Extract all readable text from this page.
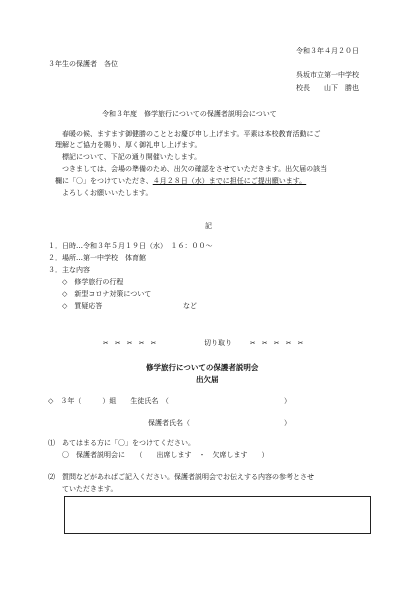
令和３年４月２０日
３年生の保護者　各位
呉坂市立第一中学校
校長　　山下　勝也
令和３年度　修学旅行についての保護者説明会について
春暖の候、ますます御健勝のこととお慶び申し上げます。平素は本校教育活動にご
理解とご協力を賜り、厚く御礼申し上げます。
標記について、下記の通り開催いたします。
つきましては、会場の準備のため、出欠の確認をさせていただきます。出欠届の該当
欄に「〇」をつけていただき、４月２８日（水）までに担任にご提出願います。
よろしくお願いいたします。
記
１．日時…令和３年５月１９日（水）　１６：００～
２．場所…第一中学校　体育館
３．主な内容
◇　修学旅行の行程
◇　新型コロナ対策について
◇　質疑応答	など
✂　✂　✂　✂　✂	切り取り	✂　✂　✂　✂　✂
修学旅行についての保護者説明会
出欠届
◇　３年（　　　）組　　生徒氏名　（	）
保護者氏名（	）
⑴　あてはまる方に「〇」をつけてください。
〇　保護者説明会に　　（　　出席します　・　欠席します　　）
⑵　質問などがあればご記入ください。保護者説明会でお伝えする内容の参考とさせ
ていただきます。
